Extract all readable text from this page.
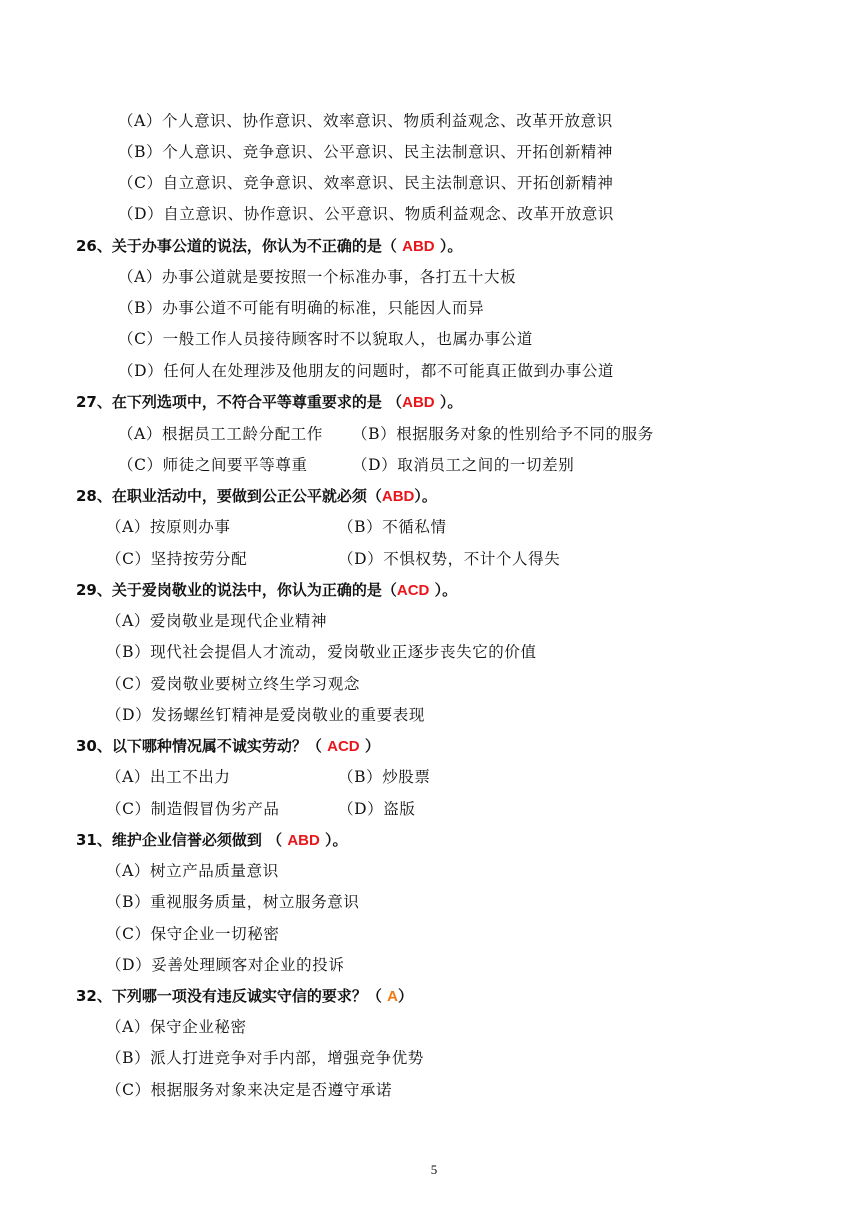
（A）个人意识、协作意识、效率意识、物质利益观念、改革开放意识
（B）个人意识、竞争意识、公平意识、民主法制意识、开拓创新精神
（C）自立意识、竞争意识、效率意识、民主法制意识、开拓创新精神
（D）自立意识、协作意识、公平意识、物质利益观念、改革开放意识
26、关于办事公道的说法，你认为不正确的是（ ABD ）。
（A）办事公道就是要按照一个标准办事，各打五十大板
（B）办事公道不可能有明确的标准，只能因人而异
（C）一般工作人员接待顾客时不以貌取人，也属办事公道
（D）任何人在处理涉及他朋友的问题时，都不可能真正做到办事公道
27、在下列选项中，不符合平等尊重要求的是 （ABD ）。
（A）根据员工工龄分配工作 （B）根据服务对象的性别给予不同的服务
（C）师徒之间要平等尊重	（D）取消员工之间的一切差别
28、在职业活动中，要做到公正公平就必须（ABD）。
（A）按原则办事	（B）不循私情
（C）坚持按劳分配	（D）不惧权势，不计个人得失
29、关于爱岗敬业的说法中，你认为正确的是（ACD ）。
（A）爱岗敬业是现代企业精神
（B）现代社会提倡人才流动，爱岗敬业正逐步丧失它的价值
（C）爱岗敬业要树立终生学习观念
（D）发扬螺丝钉精神是爱岗敬业的重要表现
30、以下哪种情况属不诚实劳动？（ ACD ）
（A）出工不出力	（B）炒股票
（C）制造假冒伪劣产品	（D）盗版
31、维护企业信誉必须做到 （ ABD ）。
（A）树立产品质量意识
（B）重视服务质量，树立服务意识
（C）保守企业一切秘密
（D）妥善处理顾客对企业的投诉
32、下列哪一项没有违反诚实守信的要求？（ A）
（A）保守企业秘密
（B）派人打进竞争对手内部，增强竞争优势
（C）根据服务对象来决定是否遵守承诺
5
